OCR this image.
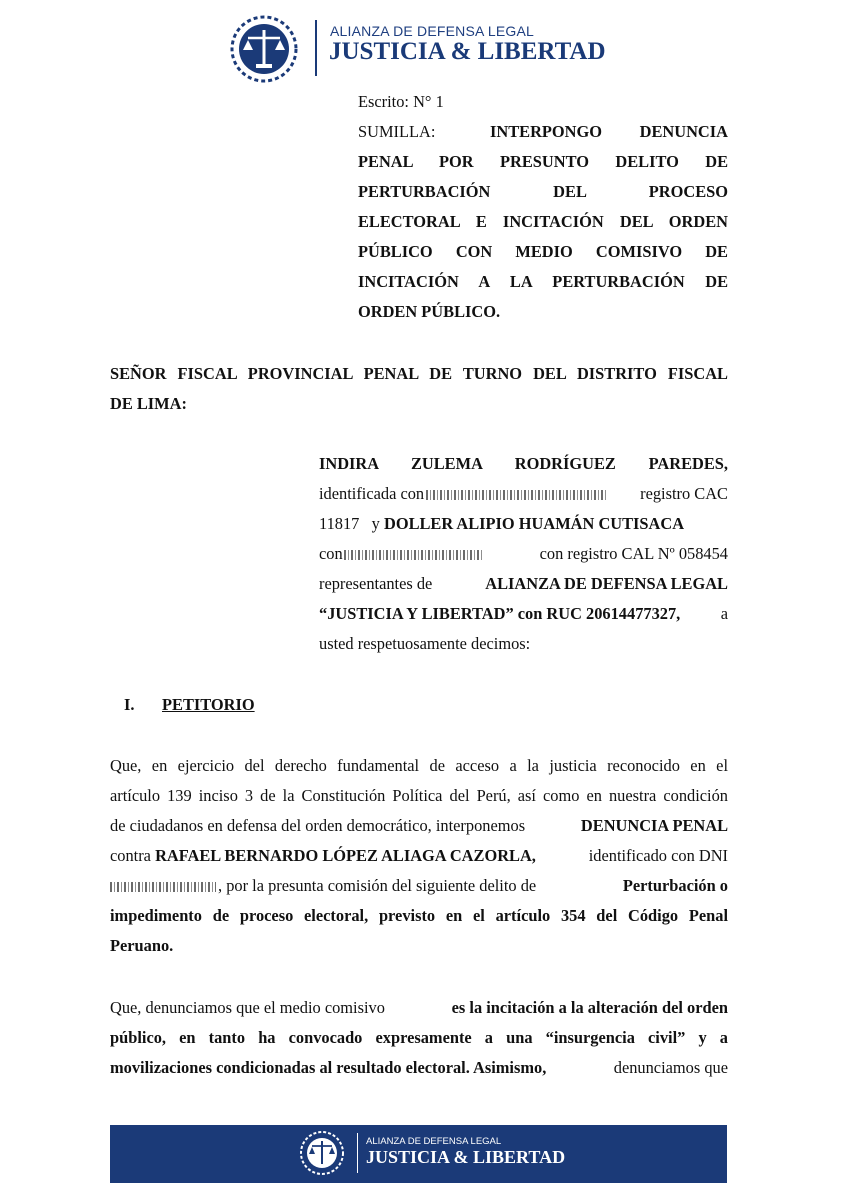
ALIANZA DE DEFENSA LEGAL
JUSTICIA & LIBERTAD
Escrito: N° 1
SUMILLA:	INTERPONGO DENUNCIA
PENAL POR PRESUNTO DELITO DE
PERTURBACIÓN DEL PROCESO
ELECTORAL E INCITACIÓN DEL ORDEN
PÚBLICO CON MEDIO COMISIVO DE
INCITACIÓN A LA PERTURBACIÓN DE
ORDEN PÚBLICO.
SEÑOR FISCAL PROVINCIAL PENAL DE TURNO DEL DISTRITO FISCAL
DE LIMA:
INDIRA ZULEMA RODRÍGUEZ PAREDES,
identificada con	registro CAC
11817 y DOLLER ALIPIO HUAMÁN CUTISACA
con	con registro CAL Nº 058454
representantes de	ALIANZA DE DEFENSA LEGAL
“JUSTICIA Y LIBERTAD” con RUC 20614477327, a
usted respetuosamente decimos:
I. PETITORIO
Que, en ejercicio del derecho fundamental de acceso a la justicia reconocido en el
artículo 139 inciso 3 de la Constitución Política del Perú, así como en nuestra condición
de ciudadanos en defensa del orden democrático, interponemos	DENUNCIA PENAL
contra RAFAEL BERNARDO LÓPEZ ALIAGA CAZORLA,	identificado con DNI
, por la presunta comisión del siguiente delito de	Perturbación o
impedimento de proceso electoral, previsto en el artículo 354 del Código Penal
Peruano.
Que, denunciamos que el medio comisivo	es la incitación a la alteración del orden
público, en tanto ha convocado expresamente a una “insurgencia civil” y a
movilizaciones condicionadas al resultado electoral. Asimismo,	denunciamos que
ALIANZA DE DEFENSA LEGAL
JUSTICIA & LIBERTAD
